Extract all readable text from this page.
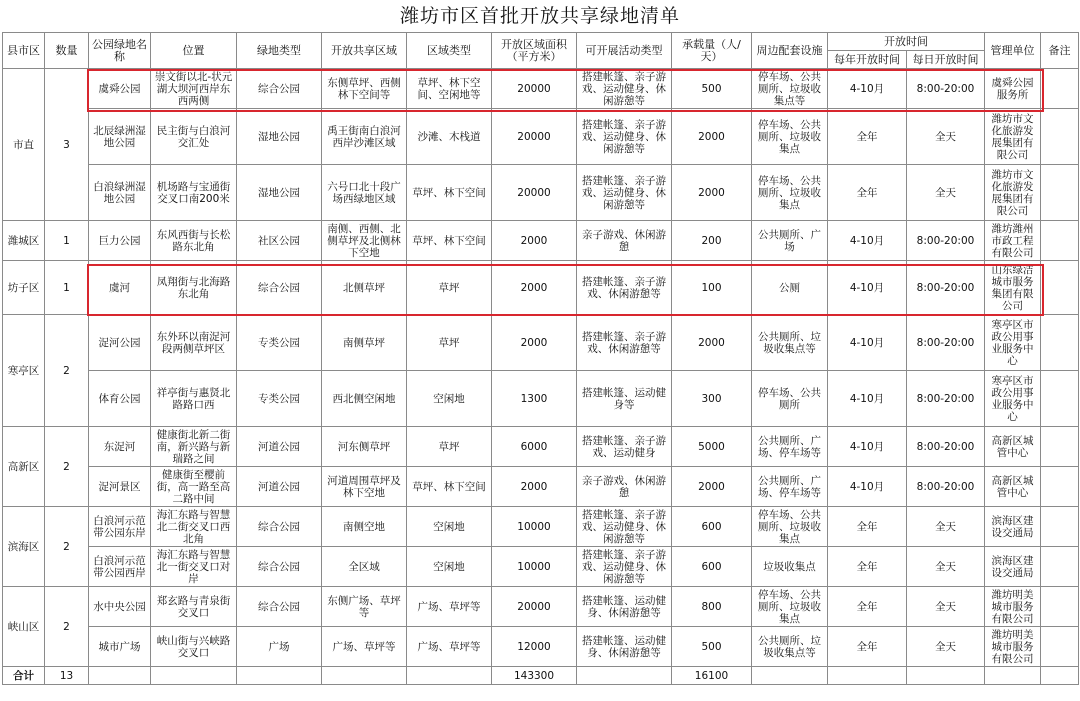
潍坊市区首批开放共享绿地清单
县市区	数量	公园绿地名称	位置	绿地类型	开放共享区域	区域类型	开放区域面积（平方米）	可开展活动类型	承载量（人/天）	周边配套设施	开放时间		管理单位	备注
											每年开放时间	每日开放时间		
市直	3	虞舜公园	崇文街以北-状元湖大坝河西岸东西两侧	综合公园	东侧草坪、西侧林下空间等	草坪、林下空间、空闲地等	20000	搭建帐篷、亲子游戏、运动健身、休闲游憩等	500	停车场、公共厕所、垃圾收集点等	4-10月	8:00-20:00	虞舜公园服务所	
		北辰绿洲湿地公园	民主街与白浪河交汇处	湿地公园	禹王街南白浪河西岸沙滩区域	沙滩、木栈道	20000	搭建帐篷、亲子游戏、运动健身、休闲游憩等	2000	停车场、公共厕所、垃圾收集点	全年	全天	潍坊市文化旅游发展集团有限公司	
		白浪绿洲湿地公园	机场路与宝通街交叉口南200米	湿地公园	六号口北十段广场西绿地区域	草坪、林下空间	20000	搭建帐篷、亲子游戏、运动健身、休闲游憩等	2000	停车场、公共厕所、垃圾收集点	全年	全天	潍坊市文化旅游发展集团有限公司	
潍城区	1	巨力公园	东风西街与长松路东北角	社区公园	南侧、西侧、北侧草坪及北侧林下空地	草坪、林下空间	2000	亲子游戏、休闲游憩	200	公共厕所、广场	4-10月	8:00-20:00	潍坊潍州市政工程有限公司	
坊子区	1	虞河	凤翔街与北海路东北角	综合公园	北侧草坪	草坪	2000	搭建帐篷、亲子游戏、休闲游憩等	100	公厕	4-10月	8:00-20:00	山东绿洁城市服务集团有限公司	
寒亭区	2	浞河公园	东外环以南浞河段两侧草坪区	专类公园	南侧草坪	草坪	2000	搭建帐篷、亲子游戏、休闲游憩等	2000	公共厕所、垃圾收集点等	4-10月	8:00-20:00	寒亭区市政公用事业服务中心	
		体育公园	祥亭街与惠贤北路路口西	专类公园	西北侧空闲地	空闲地	1300	搭建帐篷、运动健身等	300	停车场、公共厕所	4-10月	8:00-20:00	寒亭区市政公用事业服务中心	
高新区	2	东浞河	健康街北新二街南，新兴路与新瑞路之间	河道公园	河东侧草坪	草坪	6000	搭建帐篷、亲子游戏、运动健身	5000	公共厕所、广场、停车场等	4-10月	8:00-20:00	高新区城管中心	
		浞河景区	健康街至樱前街，高一路至高二路中间	河道公园	河道周围草坪及林下空地	草坪、林下空间	2000	亲子游戏、休闲游憩	2000	公共厕所、广场、停车场等	4-10月	8:00-20:00	高新区城管中心	
滨海区	2	白浪河示范带公园东岸	海汇东路与智慧北二街交叉口西北角	综合公园	南侧空地	空闲地	10000	搭建帐篷、亲子游戏、运动健身、休闲游憩等	600	停车场、公共厕所、垃圾收集点	全年	全天	滨海区建设交通局	
		白浪河示范带公园西岸	海汇东路与智慧北一街交叉口对岸	综合公园	全区域	空闲地	10000	搭建帐篷、亲子游戏、运动健身、休闲游憩等	600	垃圾收集点	全年	全天	滨海区建设交通局	
峡山区	2	水中央公园	郑玄路与青泉街交叉口	综合公园	东侧广场、草坪等	广场、草坪等	20000	搭建帐篷、运动健身、休闲游憩等	800	停车场、公共厕所、垃圾收集点	全年	全天	潍坊明美城市服务有限公司	
		城市广场	峡山街与兴峡路交叉口	广场	广场、草坪等	广场、草坪等	12000	搭建帐篷、运动健身、休闲游憩等	500	公共厕所、垃圾收集点等	全年	全天	潍坊明美城市服务有限公司	
合计	13						143300		16100					
